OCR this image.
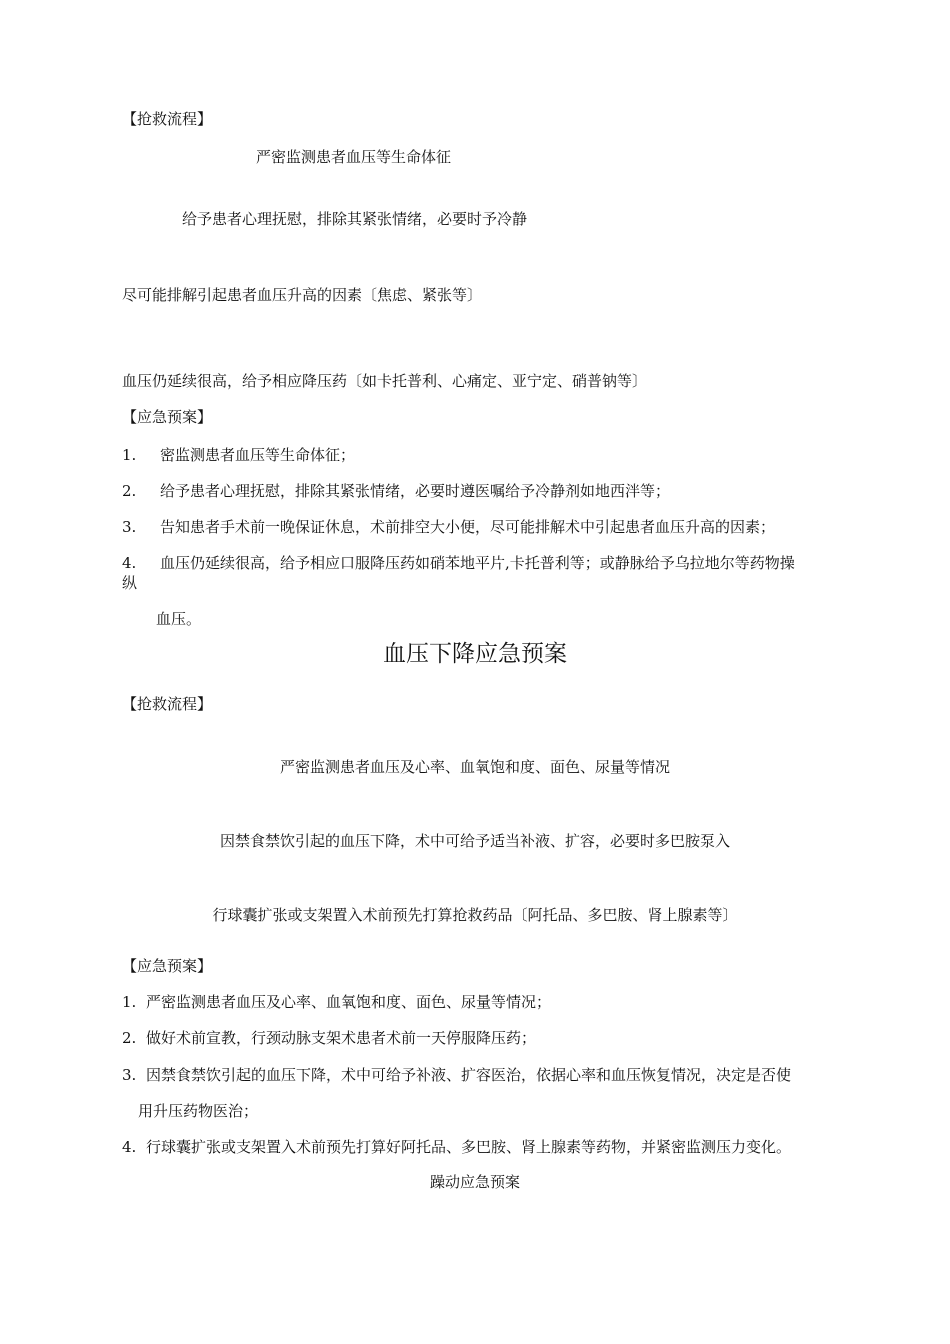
【抢救流程】
严密监测患者血压等生命体征
给予患者心理抚慰，排除其紧张情绪，必要时予冷静
尽可能排解引起患者血压升高的因素〔焦虑、紧张等〕
血压仍延续很高，给予相应降压药〔如卡托普利、心痛定、亚宁定、硝普钠等〕
【应急预案】
1. 密监测患者血压等生命体征；
2. 给予患者心理抚慰，排除其紧张情绪，必要时遵医嘱给予冷静剂如地西泮等；
3. 告知患者手术前一晚保证休息，术前排空大小便，尽可能排解术中引起患者血压升高的因素；
4. 血压仍延续很高，给予相应口服降压药如硝苯地平片,卡托普利等；或静脉给予乌拉地尔等药物操
纵
血压。
血压下降应急预案
【抢救流程】
严密监测患者血压及心率、血氧饱和度、面色、尿量等情况
因禁食禁饮引起的血压下降，术中可给予适当补液、扩容，必要时多巴胺泵入
行球囊扩张或支架置入术前预先打算抢救药品〔阿托品、多巴胺、肾上腺素等〕
【应急预案】
1. 严密监测患者血压及心率、血氧饱和度、面色、尿量等情况；
2. 做好术前宣教，行颈动脉支架术患者术前一天停服降压药；
3. 因禁食禁饮引起的血压下降，术中可给予补液、扩容医治，依据心率和血压恢复情况，决定是否使
用升压药物医治；
4. 行球囊扩张或支架置入术前预先打算好阿托品、多巴胺、肾上腺素等药物，并紧密监测压力变化。
躁动应急预案
